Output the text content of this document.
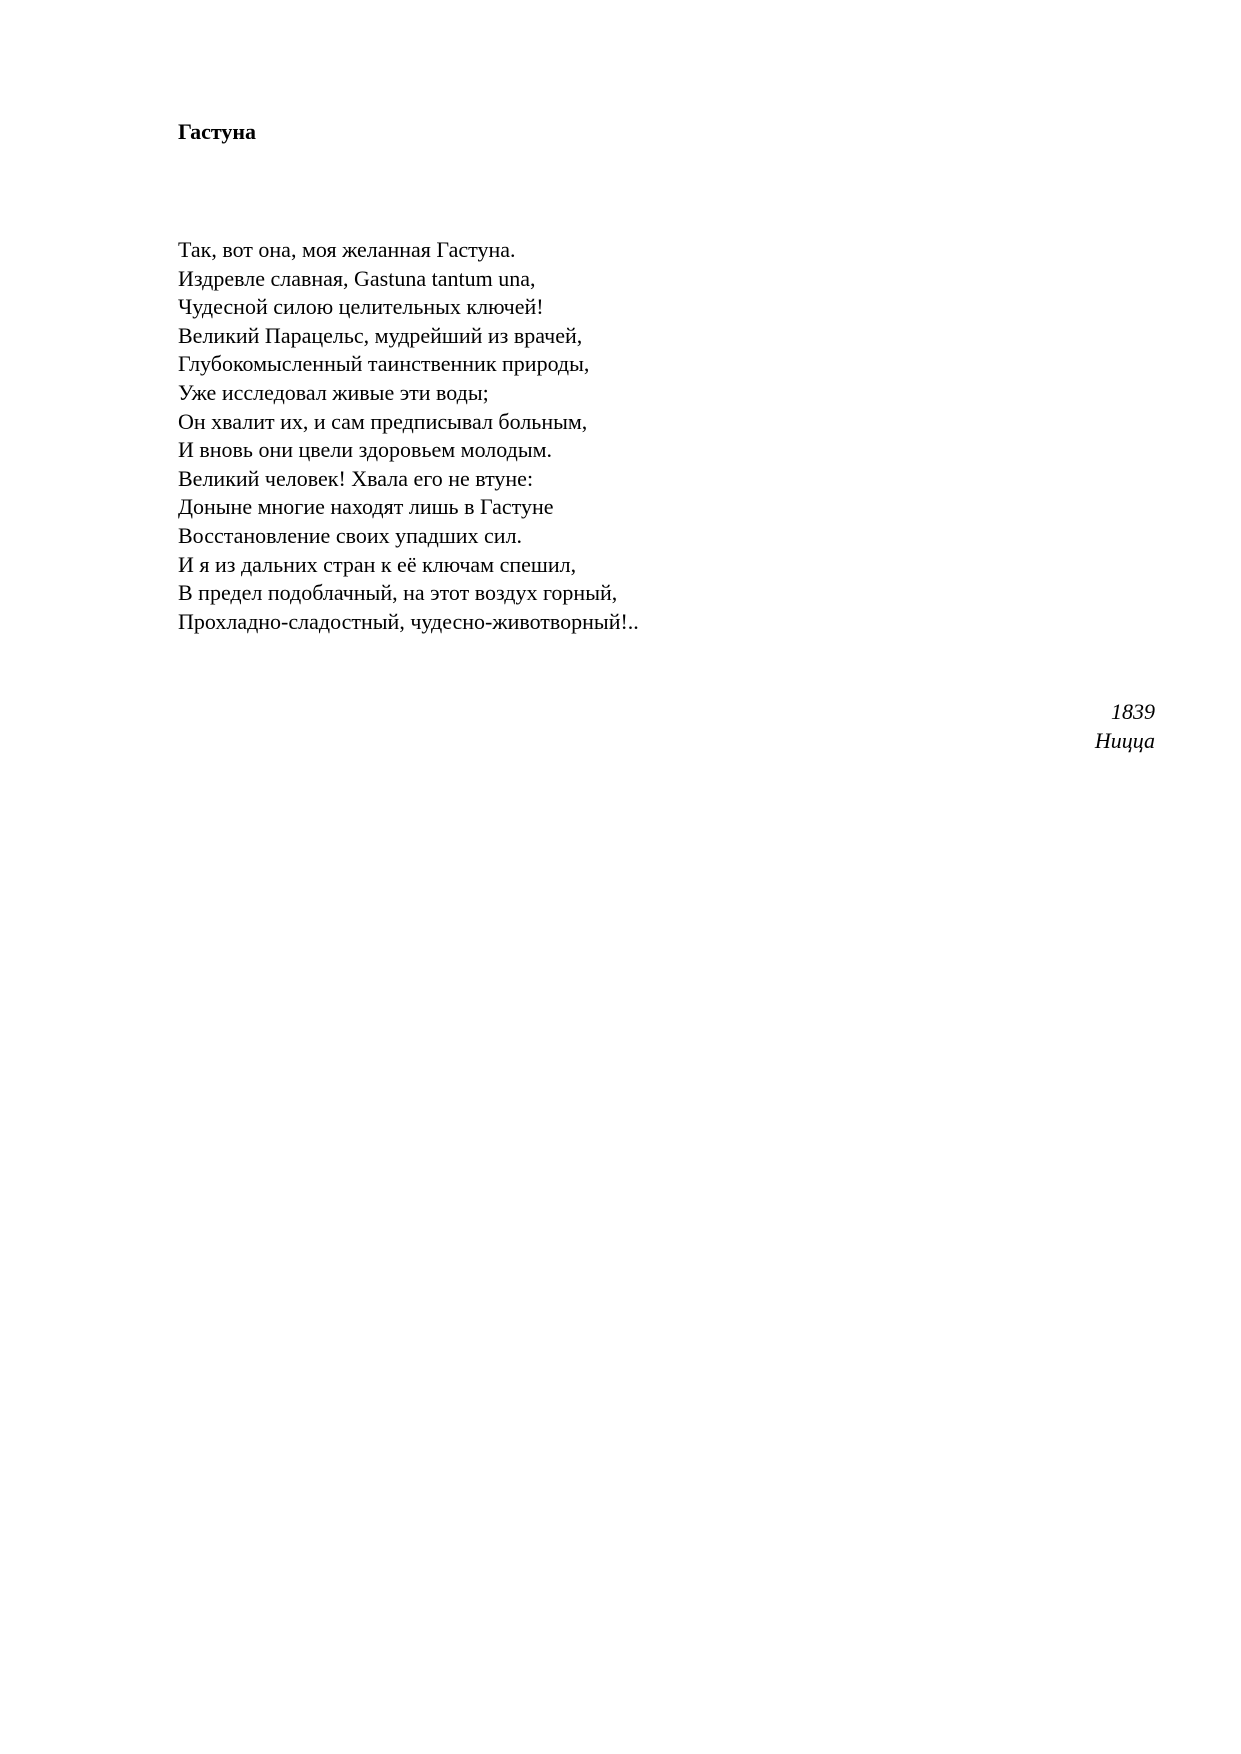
Гастуна
Так, вот она, моя желанная Гастуна.
Издревле славная, Gastuna tantum una,
Чудесной силою целительных ключей!
Великий Парацельс, мудрейший из врачей,
Глубокомысленный таинственник природы,
Уже исследовал живые эти воды;
Он хвалит их, и сам предписывал больным,
И вновь они цвели здоровьем молодым.
Великий человек! Хвала его не втуне:
Доныне многие находят лишь в Гастуне
Восстановление своих упадших сил.
И я из дальних стран к её ключам спешил,
В предел подоблачный, на этот воздух горный,
Прохладно-сладостный, чудесно-животворный!..
1839
Ницца
